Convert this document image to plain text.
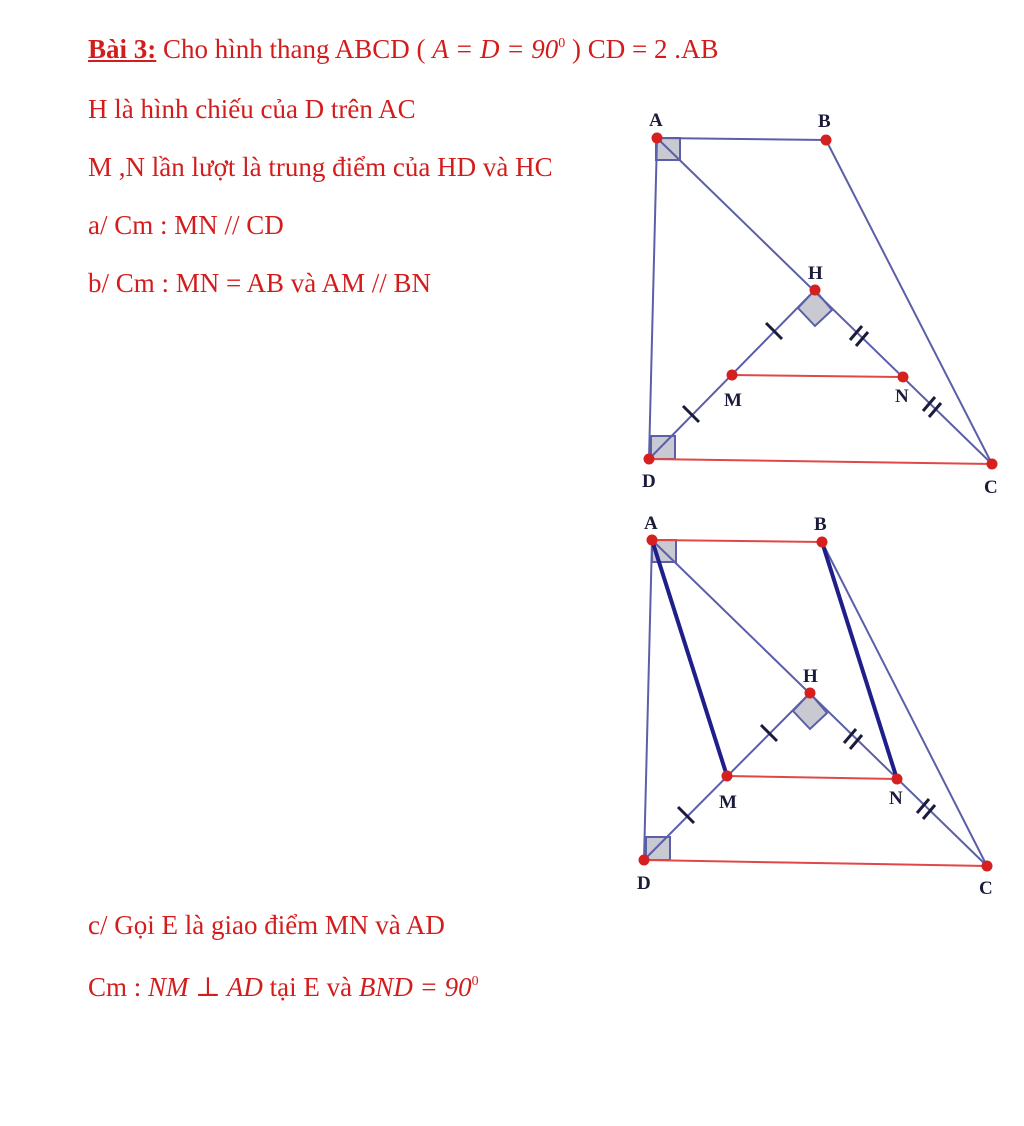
Bài 3: Cho hình thang ABCD ( $A = D = 90^0$ ) CD = 2 .AB
H là hình chiếu của D trên AC
M ,N lần lượt là trung điểm của HD và HC
a/ Cm : MN // CD
b/ Cm : MN = AB và AM // BN
c/ Gọi E là giao điểm MN và AD
Cm : NM ⊥ AD tại E và BND = $90^0$
A	B
H
M	N
D	C
A	B
H
M	N
D	C
